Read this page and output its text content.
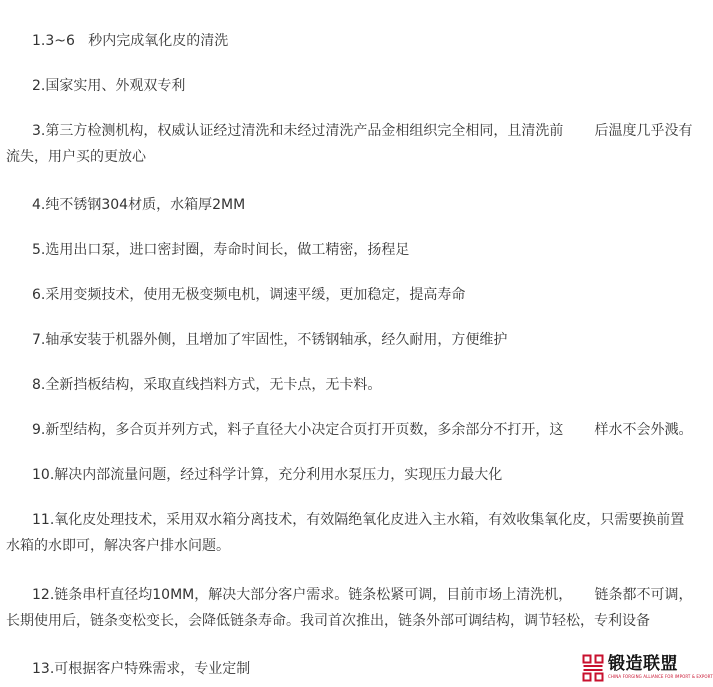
1.3~6   秒内完成氧化皮的清洗
2.国家实用、外观双专利
3.第三方检测机构，权威认证经过清洗和未经过清洗产品金相组织完全相同，且清洗前       后温度几乎没有
流失，用户买的更放心
4.纯不锈钢304材质，水箱厚2MM
5.选用出口泵，进口密封圈，寿命时间长，做工精密，扬程足
6.采用变频技术，使用无极变频电机，调速平缓，更加稳定，提高寿命
7.轴承安装于机器外侧，且增加了牢固性，不锈钢轴承，经久耐用，方便维护
8.全新挡板结构，采取直线挡料方式，无卡点，无卡料。
9.新型结构，多合页并列方式，料子直径大小决定合页打开页数，多余部分不打开，这       样水不会外溅。
10.解决内部流量问题，经过科学计算，充分利用水泵压力，实现压力最大化
11.氧化皮处理技术，采用双水箱分离技术，有效隔绝氧化皮进入主水箱，有效收集氧化皮，只需要换前置
水箱的水即可，解决客户排水问题。
12.链条串杆直径均10MM，解决大部分客户需求。链条松紧可调，目前市场上清洗机，     链条都不可调，
长期使用后，链条变松变长，会降低链条寿命。我司首次推出，链条外部可调结构，调节轻松，专利设备
13.可根据客户特殊需求，专业定制	锻造联盟
CHINA FORGING ALLIANCE FOR IMPORT & EXPORT
